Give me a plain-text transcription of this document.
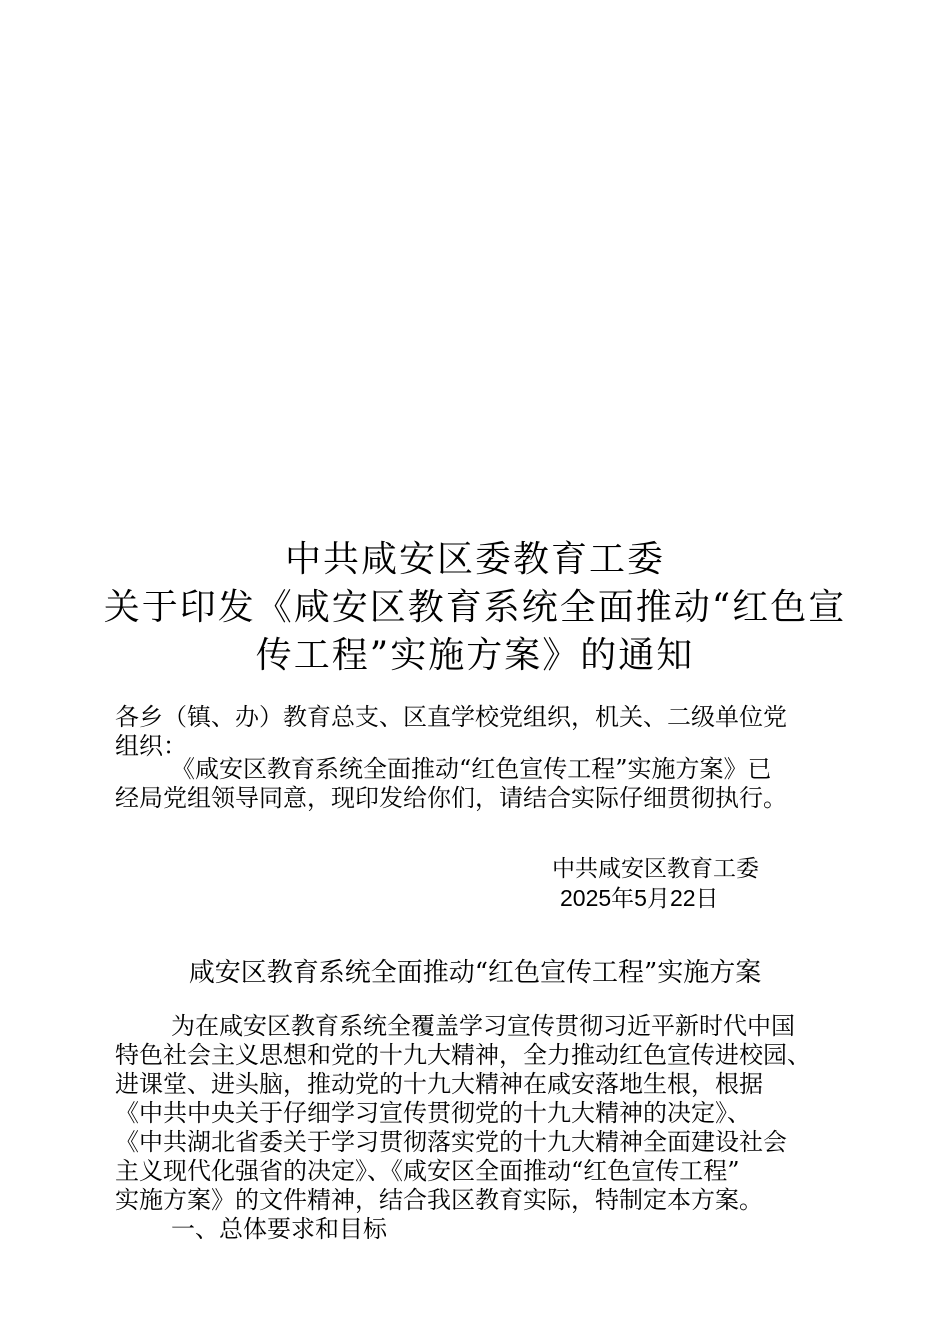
中共咸安区委教育工委
关于印发《咸安区教育系统全面推动“红色宣
传工程”实施方案》的通知
各乡（镇、办）教育总支、区直学校党组织，机关、二级单位党
组织：
《咸安区教育系统全面推动“红色宣传工程”实施方案》已
经局党组领导同意，现印发给你们，请结合实际仔细贯彻执行。
中共咸安区教育工委
2025年5月22日
咸安区教育系统全面推动“红色宣传工程”实施方案
为在咸安区教育系统全覆盖学习宣传贯彻习近平新时代中国
特色社会主义思想和党的十九大精神，全力推动红色宣传进校园、
进课堂、进头脑，推动党的十九大精神在咸安落地生根，根据
《中共中央关于仔细学习宣传贯彻党的十九大精神的决定》、
《中共湖北省委关于学习贯彻落实党的十九大精神全面建设社会
主义现代化强省的决定》、《咸安区全面推动“红色宣传工程”
实施方案》的文件精神，结合我区教育实际，特制定本方案。
一、总体要求和目标
